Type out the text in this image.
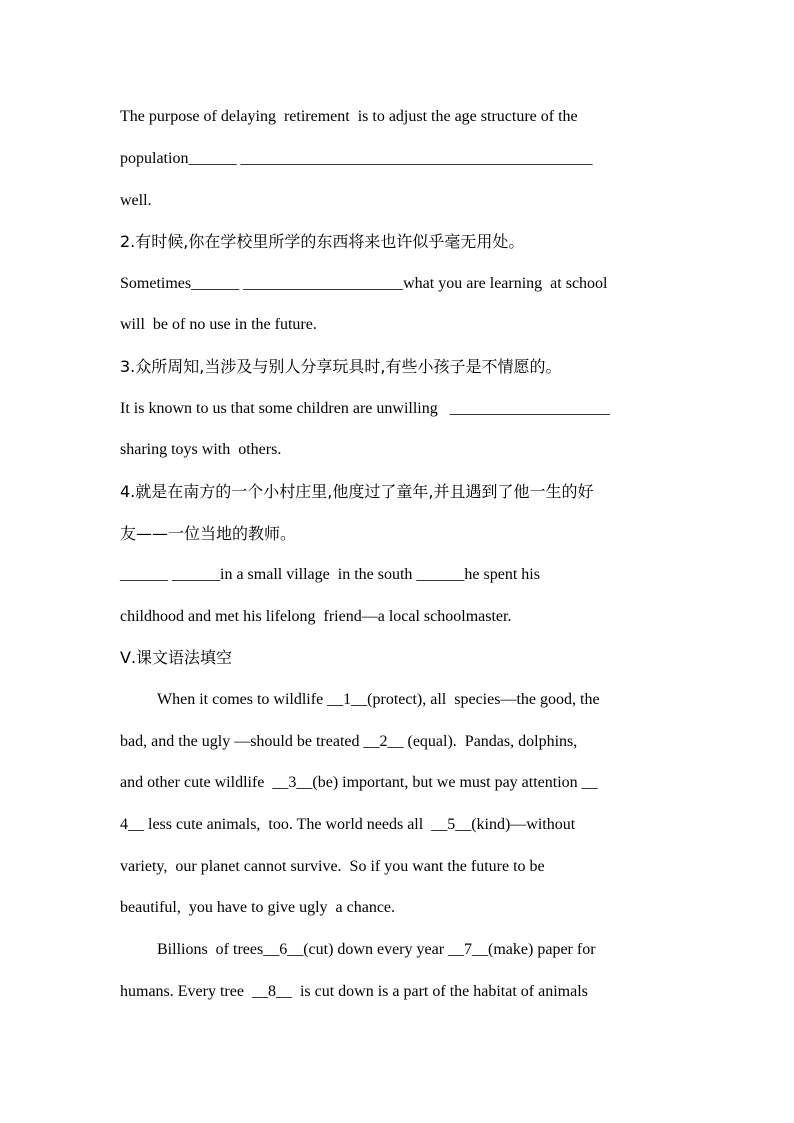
The purpose of delaying  retirement  is to adjust the age structure of the
population______ ____________________________________________
well.
2.有时候,你在学校里所学的东西将来也许似乎毫无用处。
Sometimes______ ____________________what you are learning  at school
will  be of no use in the future.
3.众所周知,当涉及与别人分享玩具时,有些小孩子是不情愿的。
It is known to us that some children are unwilling   ____________________
sharing toys with  others.
4.就是在南方的一个小村庄里,他度过了童年,并且遇到了他一生的好
友——一位当地的教师。
______ ______in a small village  in the south ______he spent his
childhood and met his lifelong  friend—a local schoolmaster.
Ⅴ.课文语法填空
When it comes to wildlife __1__(protect), all  species—the good, the
bad, and the ugly —should be treated __2__ (equal).  Pandas, dolphins,
and other cute wildlife  __3__(be) important, but we must pay attention __
4__ less cute animals,  too. The world needs all  __5__(kind)—without
variety,  our planet cannot survive.  So if you want the future to be
beautiful,  you have to give ugly  a chance.
Billions  of trees__6__(cut) down every year __7__(make) paper for
humans. Every tree  __8__  is cut down is a part of the habitat of animals
